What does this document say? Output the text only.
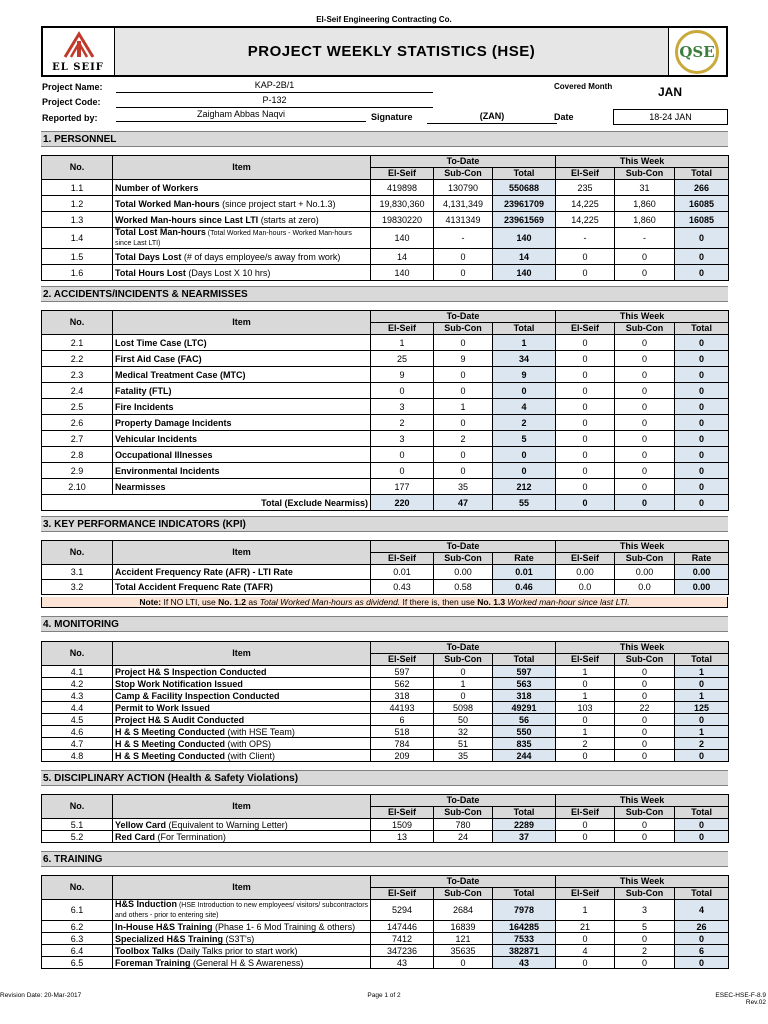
El-Seif Engineering Contracting Co.
EL SEIF
PROJECT WEEKLY STATISTICS (HSE)	QSE
Project Name:	KAP-2B/1	Covered Month	JAN
Project Code:	P-132
Reported by:	Zaigham Abbas Naqvi	Signature	(ZAN)	Date	18-24 JAN
1. PERSONNEL
No.	Item	To-Date			This Week		
		El-Seif	Sub-Con	Total	El-Seif	Sub-Con	Total
1.1	Number of Workers	419898	130790	550688	235	31	266
1.2	Total Worked Man-hours (since project start + No.1.3)	19,830,360	4,131,349	23961709	14,225	1,860	16085
1.3	Worked Man-hours since Last LTI (starts at zero)	19830220	4131349	23961569	14,225	1,860	16085
1.4	Total Lost Man-hours (Total Worked Man-hours - Worked Man-hours since Last LTI)	140	-	140	-	-	0
1.5	Total Days Lost (# of days employee/s away from work)	14	0	14	0	0	0
1.6	Total Hours Lost (Days Lost X 10 hrs)	140	0	140	0	0	0
2. ACCIDENTS/INCIDENTS & NEARMISSES
No.	Item	To-Date			This Week		
		El-Seif	Sub-Con	Total	El-Seif	Sub-Con	Total
2.1	Lost Time Case (LTC)	1	0	1	0	0	0
2.2	First Aid Case (FAC)	25	9	34	0	0	0
2.3	Medical Treatment Case (MTC)	9	0	9	0	0	0
2.4	Fatality (FTL)	0	0	0	0	0	0
2.5	Fire Incidents	3	1	4	0	0	0
2.6	Property Damage Incidents	2	0	2	0	0	0
2.7	Vehicular Incidents	3	2	5	0	0	0
2.8	Occupational Illnesses	0	0	0	0	0	0
2.9	Environmental Incidents	0	0	0	0	0	0
2.10	Nearmisses	177	35	212	0	0	0
Total (Exclude Nearmiss)		220	47	55	0	0	0
3. KEY PERFORMANCE INDICATORS (KPI)
No.	Item	To-Date			This Week		
		El-Seif	Sub-Con	Rate	El-Seif	Sub-Con	Rate
3.1	Accident Frequency Rate (AFR) - LTI Rate	0.01	0.00	0.01	0.00	0.00	0.00
3.2	Total Accident Frequenc Rate (TAFR)	0.43	0.58	0.46	0.0	0.0	0.00
Note: If NO LTI, use No. 1.2 as Total Worked Man-hours as dividend. If there is, then use No. 1.3 Worked man-hour since last LTI.
4. MONITORING
No.	Item	To-Date			This Week		
		El-Seif	Sub-Con	Total	El-Seif	Sub-Con	Total
4.1	Project H& S Inspection Conducted	597	0	597	1	0	1
4.2	Stop Work Notification Issued	562	1	563	0	0	0
4.3	Camp & Facility Inspection Conducted	318	0	318	1	0	1
4.4	Permit to Work Issued	44193	5098	49291	103	22	125
4.5	Project H& S Audit Conducted	6	50	56	0	0	0
4.6	H & S Meeting Conducted (with HSE Team)	518	32	550	1	0	1
4.7	H & S Meeting Conducted (with OPS)	784	51	835	2	0	2
4.8	H & S Meeting Conducted (with Client)	209	35	244	0	0	0
5. DISCIPLINARY ACTION (Health & Safety Violations)
No.	Item	To-Date			This Week		
		El-Seif	Sub-Con	Total	El-Seif	Sub-Con	Total
5.1	Yellow Card (Equivalent to Warning Letter)	1509	780	2289	0	0	0
5.2	Red Card (For Termination)	13	24	37	0	0	0
6. TRAINING
No.	Item	To-Date			This Week		
		El-Seif	Sub-Con	Total	El-Seif	Sub-Con	Total
6.1	H&S Induction (HSE Introduction to new employees/ visitors/ subcontractors and others - prior to entering site)	5294	2684	7978	1	3	4
6.2	In-House H&S Training (Phase 1- 6 Mod Training & others)	147446	16839	164285	21	5	26
6.3	Specialized H&S Training (S3T's)	7412	121	7533	0	0	0
6.4	Toolbox Talks (Daily Talks prior to start work)	347236	35635	382871	4	2	6
6.5	Foreman Training (General H & S Awareness)	43	0	43	0	0	0
Revision Date: 20-Mar-2017	Page 1 of 2	ESEC-HSE-F-8.9
Rev.02
